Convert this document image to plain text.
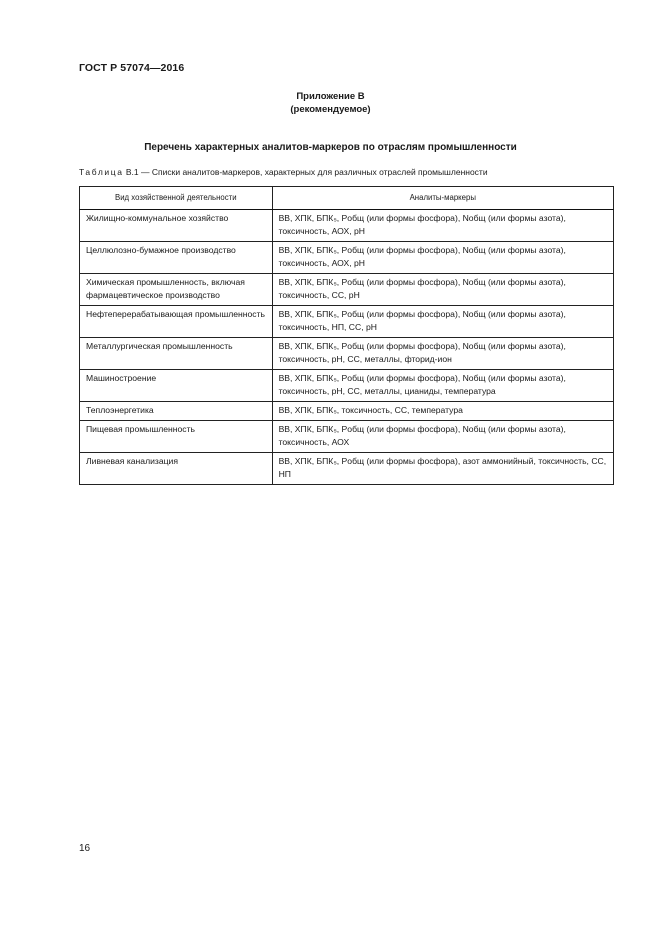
ГОСТ Р 57074—2016
Приложение В
(рекомендуемое)
Перечень характерных аналитов-маркеров по отраслям промышленности
Таблица В.1 — Списки аналитов-маркеров, характерных для различных отраслей промышленности
Вид хозяйственной деятельности	Аналиты-маркеры
Жилищно-коммунальное хозяйство	ВВ, ХПК, БПК₅, Pобщ (или формы фосфора), Nобщ (или формы азота), токсичность, АОХ, pH

Целлюлозно-бумажное производство	ВВ, ХПК, БПК₅, Pобщ (или формы фосфора), Nобщ (или формы азота), токсичность, АОХ, pH

Химическая промышленность, включая фармацевтическое производство	ВВ, ХПК, БПК₅, Pобщ (или формы фосфора), Nобщ (или формы азота), токсичность, СС, pH

Нефтеперерабатывающая промышленность	ВВ, ХПК, БПК₅, Pобщ (или формы фосфора), Nобщ (или формы азота), токсичность, НП, СС, pH

Металлургическая промышленность	ВВ, ХПК, БПК₅, Pобщ (или формы фосфора), Nобщ (или формы азота), токсичность, pH, СС, металлы, фторид-ион

Машиностроение	ВВ, ХПК, БПК₅, Pобщ (или формы фосфора), Nобщ (или формы азота), токсичность, pH, СС, металлы, цианиды, температура

Теплоэнергетика	ВВ, ХПК, БПК₅, токсичность, СС, температура

Пищевая промышленность	ВВ, ХПК, БПК₅, Pобщ (или формы фосфора), Nобщ (или формы азота), токсичность, АОХ

Ливневая канализация	ВВ, ХПК, БПК₅, Pобщ (или формы фосфора), азот аммонийный, токсичность, СС, НП
16
